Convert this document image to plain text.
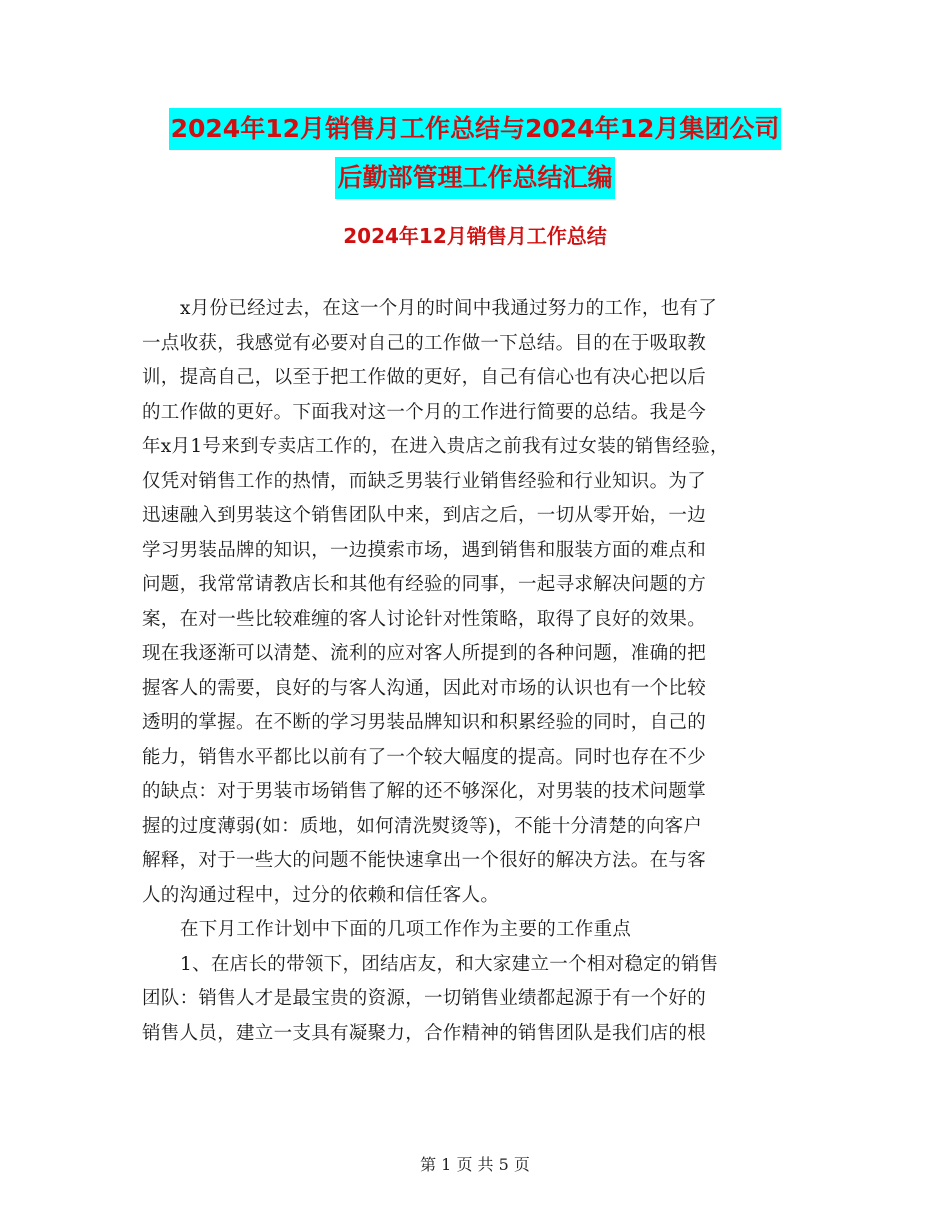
2024年12月销售月工作总结与2024年12月集团公司
后勤部管理工作总结汇编
2024年12月销售月工作总结
x月份已经过去，在这一个月的时间中我通过努力的工作，也有了
一点收获，我感觉有必要对自己的工作做一下总结。目的在于吸取教
训，提高自己，以至于把工作做的更好，自己有信心也有决心把以后
的工作做的更好。下面我对这一个月的工作进行简要的总结。我是今
年x月1号来到专卖店工作的，在进入贵店之前我有过女装的销售经验，
仅凭对销售工作的热情，而缺乏男装行业销售经验和行业知识。为了
迅速融入到男装这个销售团队中来，到店之后，一切从零开始，一边
学习男装品牌的知识，一边摸索市场，遇到销售和服装方面的难点和
问题，我常常请教店长和其他有经验的同事，一起寻求解决问题的方
案，在对一些比较难缠的客人讨论针对性策略，取得了良好的效果。
现在我逐渐可以清楚、流利的应对客人所提到的各种问题，准确的把
握客人的需要，良好的与客人沟通，因此对市场的认识也有一个比较
透明的掌握。在不断的学习男装品牌知识和积累经验的同时，自己的
能力，销售水平都比以前有了一个较大幅度的提高。同时也存在不少
的缺点：对于男装市场销售了解的还不够深化，对男装的技术问题掌
握的过度薄弱(如：质地，如何清洗熨烫等)，不能十分清楚的向客户
解释，对于一些大的问题不能快速拿出一个很好的解决方法。在与客
人的沟通过程中，过分的依赖和信任客人。
在下月工作计划中下面的几项工作作为主要的工作重点
1、在店长的带领下，团结店友，和大家建立一个相对稳定的销售
团队：销售人才是最宝贵的资源，一切销售业绩都起源于有一个好的
销售人员，建立一支具有凝聚力，合作精神的销售团队是我们店的根
第 1 页 共 5 页
